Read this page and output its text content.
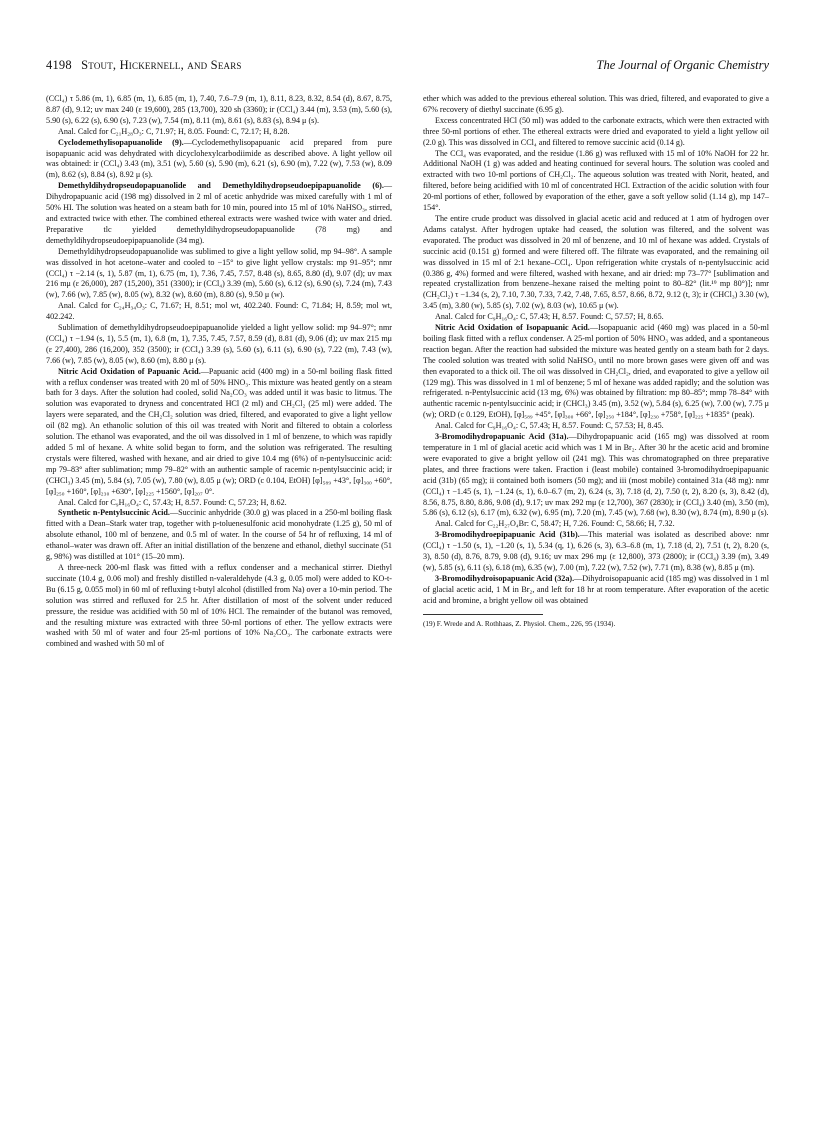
4198 Stout, Hickernell, and Sears	The Journal of Organic Chemistry

(CCl₄) τ 5.86 (m, 1), 6.85 (m, 1), 6.85 (m, 1), 7.40, 7.6–7.9 (m, 1), 8.11, 8.23, 8.32, 8.54 (d), 8.67, 8.75, 8.87 (d), 9.12; uv max 240 (ε 19,600), 285 (13,700), 320 sh (3360); ir (CCl₄) 3.44 (m), 3.53 (m), 5.60 (s), 5.90 (s), 6.22 (s), 6.90 (s), 7.23 (w), 7.54 (m), 8.11 (m), 8.61 (s), 8.83 (s), 8.94 μ (s).

Anal. Calcd for C₂₁H₂₈O₃: C, 71.97; H, 8.05. Found: C, 72.17; H, 8.28.

Cyclodemethylisopapuanolide (9).—Cyclodemethylisopapuanic acid prepared from pure isopapuanic acid was dehydrated with dicyclohexylcarbodiimide as described above. A light yellow oil was obtained: ir (CCl₄) 3.43 (m), 3.51 (w), 5.60 (s), 5.90 (m), 6.21 (s), 6.90 (m), 7.22 (w), 7.53 (w), 8.09 (m), 8.62 (s), 8.84 (s), 8.92 μ (s).

Demethyldihydropseudopapuanolide and Demethyldihydropseudoepipapuanolide (6).—Dihydropapuanic acid (198 mg) dissolved in 2 ml of acetic anhydride was mixed carefully with 1 ml of 50% HI. The solution was heated on a steam bath for 10 min, poured into 15 ml of 10% NaHSO₃, stirred, and extracted twice with ether. The combined ethereal extracts were washed twice with water and dried. Preparative tlc yielded demethyldihydropseudopapuanolide (78 mg) and demethyldihydropseudoepipapuanolide (34 mg).

Demethyldihydropseudopapuanolide was sublimed to give a light yellow solid, mp 94–98°. A sample was dissolved in hot acetone–water and cooled to −15° to give light yellow crystals: mp 91–95°; nmr (CCl₄) τ −2.14 (s, 1), 5.87 (m, 1), 6.75 (m, 1), 7.36, 7.45, 7.57, 8.48 (s), 8.65, 8.80 (d), 9.07 (d); uv max 216 mμ (ε 26,000), 287 (15,200), 351 (3300); ir (CCl₄) 3.39 (m), 5.60 (s), 6.12 (s), 6.90 (s), 7.24 (m), 7.43 (w), 7.66 (w), 7.85 (w), 8.05 (w), 8.32 (w), 8.60 (m), 8.80 (s), 9.50 μ (w).

Anal. Calcd for C₂₄H₃₄O₃: C, 71.67; H, 8.51; mol wt, 402.240. Found: C, 71.84; H, 8.59; mol wt, 402.242.

Sublimation of demethyldihydropseudoepipapuanolide yielded a light yellow solid: mp 94–97°; nmr (CCl₄) τ −1.94 (s, 1), 5.5 (m, 1), 6.8 (m, 1), 7.35, 7.45, 7.57, 8.59 (d), 8.81 (d), 9.06 (d); uv max 215 mμ (ε 27,400), 286 (16,200), 352 (3500); ir (CCl₄) 3.39 (s), 5.60 (s), 6.11 (s), 6.90 (s), 7.22 (m), 7.43 (w), 7.66 (w), 7.85 (w), 8.05 (w), 8.60 (m), 8.80 μ (s).

Nitric Acid Oxidation of Papuanic Acid.—Papuanic acid (400 mg) in a 50-ml boiling flask fitted with a reflux condenser was treated with 20 ml of 50% HNO₃. This mixture was heated gently on a steam bath for 3 days. After the solution had cooled, solid Na₂CO₃ was added until it was basic to litmus. The solution was evaporated to dryness and concentrated HCl (2 ml) and CH₂Cl₂ (25 ml) were added. The layers were separated, and the CH₂Cl₂ solution was dried, filtered, and evaporated to give a light yellow oil (82 mg). An ethanolic solution of this oil was treated with Norit and filtered to obtain a colorless solution. The ethanol was evaporated, and the oil was dissolved in 1 ml of benzene, to which was rapidly added 5 ml of hexane. A white solid began to form, and the solution was refrigerated. The resulting crystals were filtered, washed with hexane, and air dried to give 10.4 mg (6%) of n-pentylsuccinic acid: mp 79–83° after sublimation; mmp 79–82° with an authentic sample of racemic n-pentylsuccinic acid; ir (CHCl₃) 3.45 (m), 5.84 (s), 7.05 (w), 7.80 (w), 8.05 μ (w); ORD (c 0.104, EtOH) [φ]₅₈₉ +43°, [φ]₃₀₀ +60°, [φ]₂₅₀ +160°, [φ]₂₃₀ +630°, [φ]₂₂₅ +1560°, [φ]₂₀₇ 0°.

Anal. Calcd for C₉H₁₆O₄: C, 57.43; H, 8.57. Found: C, 57.23; H, 8.62.

Synthetic n-Pentylsuccinic Acid.—Succinic anhydride (30.0 g) was placed in a 250-ml boiling flask fitted with a Dean–Stark water trap, together with p-toluenesulfonic acid monohydrate (1.25 g), 50 ml of absolute ethanol, 100 ml of benzene, and 0.5 ml of water. In the course of 54 hr of refluxing, 14 ml of ethanol–water was drawn off. After an initial distillation of the benzene and ethanol, diethyl succinate (51 g, 98%) was distilled at 101° (15–20 mm).

A three-neck 200-ml flask was fitted with a reflux condenser and a mechanical stirrer. Diethyl succinate (10.4 g, 0.06 mol) and freshly distilled n-valeraldehyde (4.3 g, 0.05 mol) were added to KO-t-Bu (6.15 g, 0.055 mol) in 60 ml of refluxing t-butyl alcohol (distilled from Na) over a 10-min period. The solution was stirred and refluxed for 2.5 hr. After distillation of most of the solvent under reduced pressure, the residue was acidified with 50 ml of 10% HCl. The remainder of the butanol was removed, and the resulting mixture was extracted with three 50-ml portions of ether. The yellow extracts were washed with 50 ml of water and four 25-ml portions of 10% Na₂CO₃. The carbonate extracts were combined and washed with 50 ml of

ether which was added to the previous ethereal solution. This was dried, filtered, and evaporated to give a 67% recovery of diethyl succinate (6.95 g).

Excess concentrated HCl (50 ml) was added to the carbonate extracts, which were then extracted with three 50-ml portions of ether. The ethereal extracts were dried and evaporated to yield a light yellow oil (2.0 g). This was dissolved in CCl₄ and filtered to remove succinic acid (0.14 g).

The CCl₄ was evaporated, and the residue (1.86 g) was refluxed with 15 ml of 10% NaOH for 22 hr. Additional NaOH (1 g) was added and heating continued for several hours. The solution was cooled and extracted with two 10-ml portions of CH₂Cl₂. The aqueous solution was treated with Norit, heated, and filtered, before being acidified with 10 ml of concentrated HCl. Extraction of the acidic solution with four 20-ml portions of ether, followed by evaporation of the ether, gave a soft yellow solid (1.14 g), mp 147–154°.

The entire crude product was dissolved in glacial acetic acid and reduced at 1 atm of hydrogen over Adams catalyst. After hydrogen uptake had ceased, the solution was filtered, and the solvent was evaporated. The product was dissolved in 20 ml of benzene, and 10 ml of hexane was added. Crystals of succinic acid (0.151 g) formed and were filtered off. The filtrate was evaporated, and the remaining oil was dissolved in 15 ml of 2:1 hexane–CCl₄. Upon refrigeration white crystals of n-pentylsuccinic acid (0.386 g, 4%) formed and were filtered, washed with hexane, and air dried: mp 73–77° [sublimation and repeated crystallization from benzene–hexane raised the melting point to 80–82° (lit.¹⁹ mp 80°)]; nmr (CH₂Cl₂) τ −1.34 (s, 2), 7.10, 7.30, 7.33, 7.42, 7.48, 7.65, 8.57, 8.66, 8.72, 9.12 (t, 3); ir (CHCl₃) 3.30 (w), 3.45 (m), 3.80 (w), 5.85 (s), 7.02 (w), 8.03 (w), 10.65 μ (w).

Anal. Calcd for C₉H₁₆O₄: C, 57.43; H, 8.57. Found: C, 57.57; H, 8.65.

Nitric Acid Oxidation of Isopapuanic Acid.—Isopapuanic acid (460 mg) was placed in a 50-ml boiling flask fitted with a reflux condenser. A 25-ml portion of 50% HNO₃ was added, and a spontaneous reaction began. After the reaction had subsided the mixture was heated gently on a steam bath for 2 days. The cooled solution was treated with solid NaHSO₃ until no more brown gases were given off and was then evaporated to a thick oil. The oil was dissolved in CH₂Cl₂, dried, and evaporated to give a yellow oil (129 mg). This was dissolved in 1 ml of benzene; 5 ml of hexane was added rapidly; and the solution was refrigerated. n-Pentylsuccinic acid (13 mg, 6%) was obtained by filtration: mp 80–85°; mmp 78–84° with authentic racemic n-pentylsuccinic acid; ir (CHCl₃) 3.45 (m), 3.52 (w), 5.84 (s), 6.25 (w), 7.00 (w), 7.75 μ (w); ORD (c 0.129, EtOH), [φ]₅₈₉ +45°, [φ]₃₀₀ +66°, [φ]₂₅₀ +184°, [φ]₂₃₀ +758°, [φ]₂₂₅ +1835° (peak).

Anal. Calcd for C₉H₁₆O₄: C, 57.43; H, 8.57. Found: C, 57.53; H, 8.45.

3-Bromodihydropapuanic Acid (31a).—Dihydropapuanic acid (165 mg) was dissolved at room temperature in 1 ml of glacial acetic acid which was 1 M in Br₂. After 30 hr the acetic acid and bromine were evaporated to give a bright yellow oil (241 mg). This was chromatographed on three preparative plates, and three fractions were taken. Fraction i (least mobile) contained 3-bromodihydroepipapuanic acid (31b) (65 mg); ii contained both isomers (50 mg); and iii (most mobile) contained 31a (48 mg): nmr (CCl₄) τ −1.45 (s, 1), −1.24 (s, 1), 6.0–6.7 (m, 2), 6.24 (s, 3), 7.18 (d, 2), 7.50 (t, 2), 8.20 (s, 3), 8.42 (d), 8.56, 8.75, 8.80, 8.86, 9.08 (d), 9.17; uv max 292 mμ (ε 12,700), 367 (2830); ir (CCl₄) 3.40 (m), 3.50 (m), 5.86 (s), 6.12 (s), 6.17 (m), 6.32 (w), 6.95 (m), 7.20 (m), 7.45 (w), 7.68 (w), 8.30 (w), 8.74 (m), 8.90 μ (s).

Anal. Calcd for C₂₂H₂₇O₄Br: C, 58.47; H, 7.26. Found: C, 58.66; H, 7.32.

3-Bromodihydroepipapuanic Acid (31b).—This material was isolated as described above: nmr (CCl₄) τ −1.50 (s, 1), −1.20 (s, 1), 5.34 (q, 1), 6.26 (s, 3), 6.3–6.8 (m, 1), 7.18 (d, 2), 7.51 (t, 2), 8.20 (s, 3), 8.50 (d), 8.76, 8.79, 9.08 (d), 9.16; uv max 296 mμ (ε 12,800), 373 (2800); ir (CCl₄) 3.39 (m), 3.49 (w), 5.85 (s), 6.11 (s), 6.18 (m), 6.35 (w), 7.00 (m), 7.22 (w), 7.52 (w), 7.71 (m), 8.38 (w), 8.85 μ (m).

3-Bromodihydroisopapuanic Acid (32a).—Dihydroisopapuanic acid (185 mg) was dissolved in 1 ml of glacial acetic acid, 1 M in Br₂, and left for 18 hr at room temperature. After evaporation of the acetic acid and bromine, a bright yellow oil was obtained

(19) F. Wrede and A. Rothhaas, Z. Physiol. Chem., 226, 95 (1934).
